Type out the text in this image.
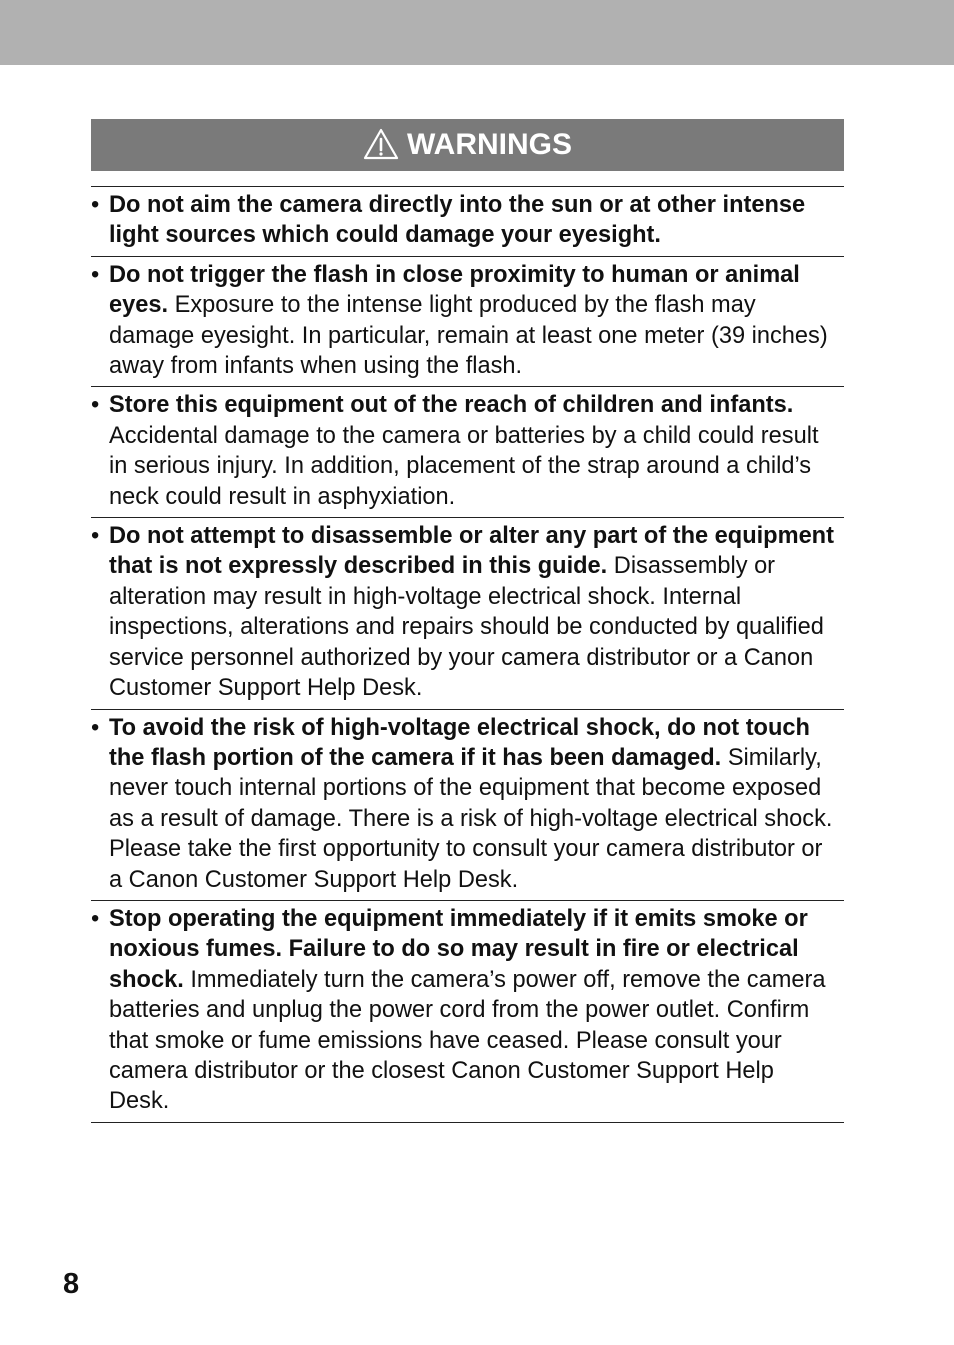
WARNINGS
• Do not aim the camera directly into the sun or at other intense light sources which could damage your eyesight.
• Do not trigger the flash in close proximity to human or animal eyes. Exposure to the intense light produced by the flash may damage eyesight. In particular, remain at least one meter (39 inches) away from infants when using the flash.
• Store this equipment out of the reach of children and infants. Accidental damage to the camera or batteries by a child could result in serious injury. In addition, placement of the strap around a child’s neck could result in asphyxiation.
• Do not attempt to disassemble or alter any part of the equipment that is not expressly described in this guide. Disassembly or alteration may result in high-voltage electrical shock. Internal inspections, alterations and repairs should be conducted by qualified service personnel authorized by your camera distributor or a Canon Customer Support Help Desk.
• To avoid the risk of high-voltage electrical shock, do not touch the flash portion of the camera if it has been damaged. Similarly, never touch internal portions of the equipment that become exposed as a result of damage. There is a risk of high-voltage electrical shock. Please take the first opportunity to consult your camera distributor or a Canon Customer Support Help Desk.
• Stop operating the equipment immediately if it emits smoke or noxious fumes. Failure to do so may result in fire or electrical shock. Immediately turn the camera’s power off, remove the camera batteries and unplug the power cord from the power outlet. Confirm that smoke or fume emissions have ceased. Please consult your camera distributor or the closest Canon Customer Support Help Desk.
8
